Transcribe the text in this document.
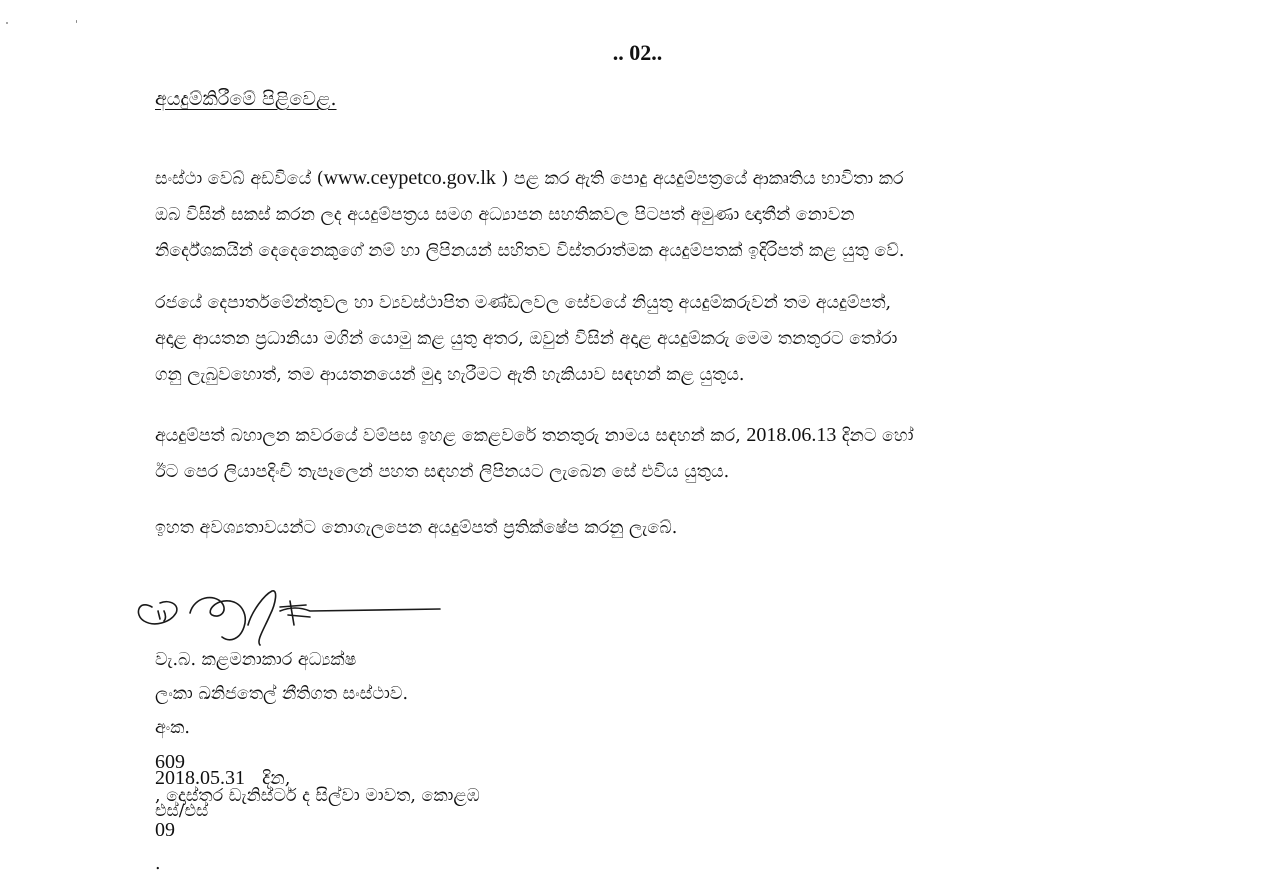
.. 02..
අයදුම්කිරීමේ පිළිවෙළ.

සංස්ථා වෙබ් අඩවියේ (www.ceypetco.gov.lk ) පළ කර ඇති පොදු අයදුම්පත්‍රයේ ආකෘතිය භාවිතා කර
ඔබ විසින් සකස් කරන ලද අයදුම්පත්‍රය සමග අධ්‍යාපන සහතිකවල පිටපත් අමුණා ඥාතීන් නොවන
නිර්දේශකයින් දෙදෙනෙකුගේ නම් හා ලිපිනයන් සහිතව විස්තරාත්මක අයදුම්පතක් ඉදිරිපත් කළ යුතු වේ.

රජයේ දෙපාර්තමේන්තුවල හා ව්‍යවස්ථාපිත මණ්ඩලවල සේවයේ නියුතු අයදුම්කරුවන් තම අයදුම්පත්,
අදාළ ආයතන ප්‍රධානියා මගින් යොමු කළ යුතු අතර, ඔවුන් විසින් අදාළ අයදුම්කරු මෙම තනතුරට තෝරා
ගනු ලැබුවහොත්, තම ආයතනයෙන් මුදා හැරීමට ඇති හැකියාව සඳහන් කළ යුතුය.

අයදුම්පත් බහාලන කවරයේ වම්පස ඉහළ කෙළවරේ තනතුරු නාමය සඳහන් කර, 2018.06.13 දිනට හෝ
ඊට පෙර ලියාපදිංචි තැපෑලෙන් පහත සඳහන් ලිපිනයට ලැබෙන සේ එවිය යුතුය.

ඉහත අවශ්‍යතාවයන්ට නොගැලපෙන අයදුම්පත් ප්‍රතික්ෂේප කරනු ලැබේ.

වැ.බ. කළමනාකාර අධ්‍යක්ෂ
ලංකා ඛනිජතෙල් නීතිගත සංස්ථාව.
අංක.
609
, දොස්තර ඩැනිස්ටර් ද සිල්වා මාවත, කොළඹ
09
.
2018.05.31 දින,
එස්/එස්
